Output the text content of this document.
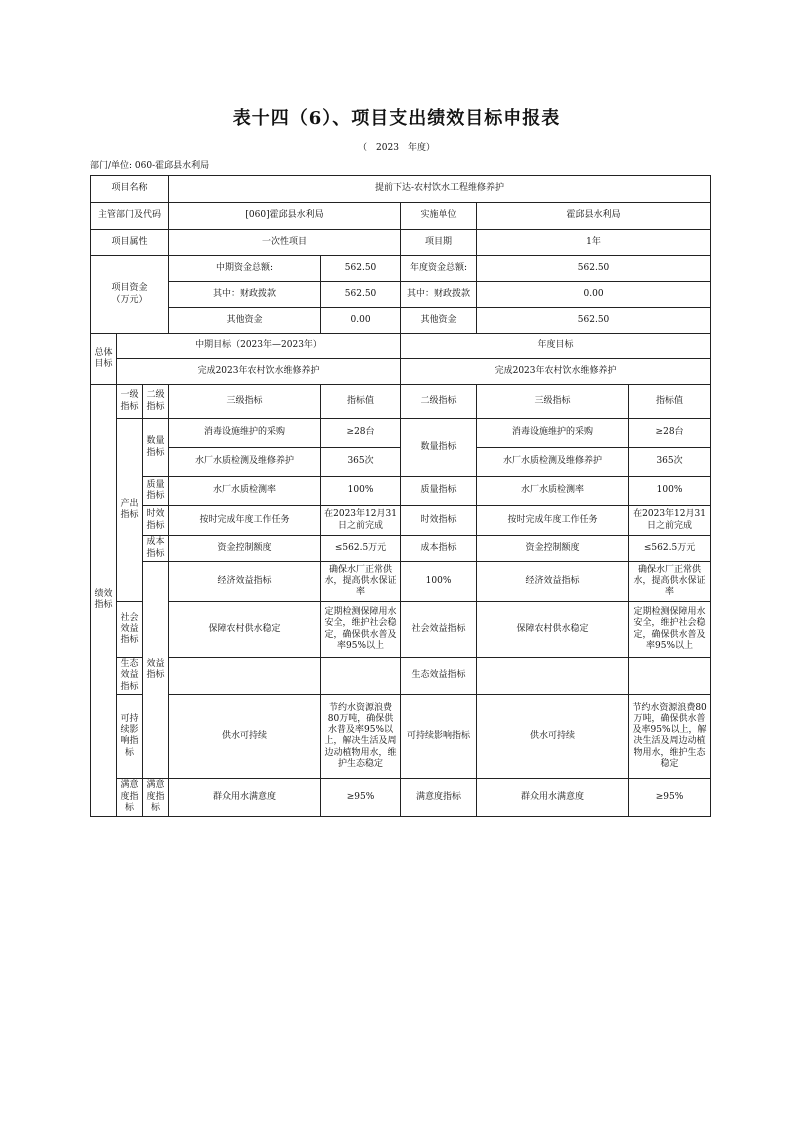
表十四（6）、项目支出绩效目标申报表
（　2023　年度）
部门/单位: 060-霍邱县水利局
项目名称			提前下达-农村饮水工程维修养护					
主管部门及代码			[060]霍邱县水利局		实施单位	霍邱县水利局		
项目属性			一次性项目		项目期	1年		
项目资金
（万元）			中期资金总额:	562.50	年度资金总额:	562.50		
			其中：财政拨款	562.50	其中：财政拨款	0.00		
			其他资金	0.00	其他资金	562.50		
总体目标	中期目标（2023年—2023年）				年度目标			
	完成2023年农村饮水维修养护				完成2023年农村饮水维修养护			
绩效指标	一级指标	二级指标	三级指标	指标值	二级指标	三级指标	指标值	
	产出指标	数量指标	消毒设施维护的采购	≥28台	数量指标	消毒设施维护的采购	≥28台	
			水厂水质检测及维修养护	365次		水厂水质检测及维修养护	365次	
		质量指标	水厂水质检测率	100%	质量指标	水厂水质检测率	100%	
		时效指标	按时完成年度工作任务	在2023年12月31日之前完成	时效指标	按时完成年度工作任务	在2023年12月31日之前完成	
		成本指标	资金控制额度	≤562.5万元	成本指标	资金控制额度	≤562.5万元	
		效益指标	经济效益指标	确保水厂正常供水，提高供水保证率	100%	经济效益指标	确保水厂正常供水，提高供水保证率	
	社会效益指标		保障农村供水稳定	定期检测保障用水安全，维护社会稳定，确保供水普及率95%以上	社会效益指标	保障农村供水稳定	定期检测保障用水安全，维护社会稳定，确保供水普及率95%以上	
	生态效益指标				生态效益指标			
	可持续影响指标		供水可持续	节约水资源浪费80万吨，确保供水普及率95%以上，解决生活及周边动植物用水，维护生态稳定	可持续影响指标	供水可持续	节约水资源浪费80万吨，确保供水普及率95%以上，解决生活及周边动植物用水，维护生态稳定	
	满意度指标	满意度指标	群众用水满意度	≥95%	满意度指标	群众用水满意度	≥95%	
